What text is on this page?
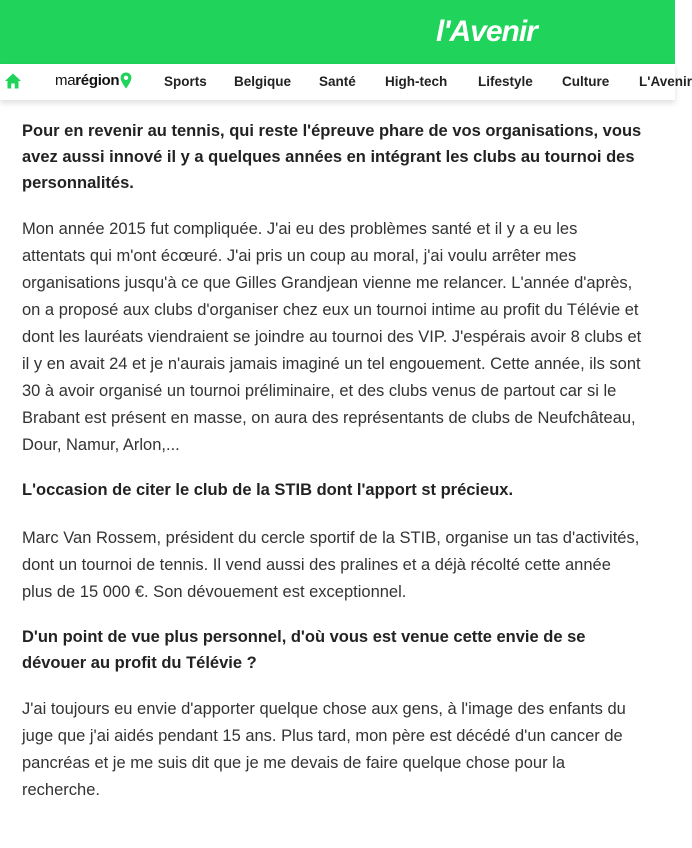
l'Avenir
marégion	Sports Belgique Santé High-tech Lifestyle Culture L'Avenir

Pour en revenir au tennis, qui reste l'épreuve phare de vos organisations, vous avez aussi innové il y a quelques années en intégrant les clubs au tournoi des personnalités.

Mon année 2015 fut compliquée. J'ai eu des problèmes santé et il y a eu les attentats qui m'ont écœuré. J'ai pris un coup au moral, j'ai voulu arrêter mes organisations jusqu'à ce que Gilles Grandjean vienne me relancer. L'année d'après, on a proposé aux clubs d'organiser chez eux un tournoi intime au profit du Télévie et dont les lauréats viendraient se joindre au tournoi des VIP. J'espérais avoir 8 clubs et il y en avait 24 et je n'aurais jamais imaginé un tel engouement. Cette année, ils sont 30 à avoir organisé un tournoi préliminaire, et des clubs venus de partout car si le Brabant est présent en masse, on aura des représentants de clubs de Neufchâteau, Dour, Namur, Arlon,...

L'occasion de citer le club de la STIB dont l'apport st précieux.

Marc Van Rossem, président du cercle sportif de la STIB, organise un tas d'activités, dont un tournoi de tennis. Il vend aussi des pralines et a déjà récolté cette année plus de 15 000 €. Son dévouement est exceptionnel.

D'un point de vue plus personnel, d'où vous est venue cette envie de se dévouer au profit du Télévie ?

J'ai toujours eu envie d'apporter quelque chose aux gens, à l'image des enfants du juge que j'ai aidés pendant 15 ans. Plus tard, mon père est décédé d'un cancer de pancréas et je me suis dit que je me devais de faire quelque chose pour la recherche.
